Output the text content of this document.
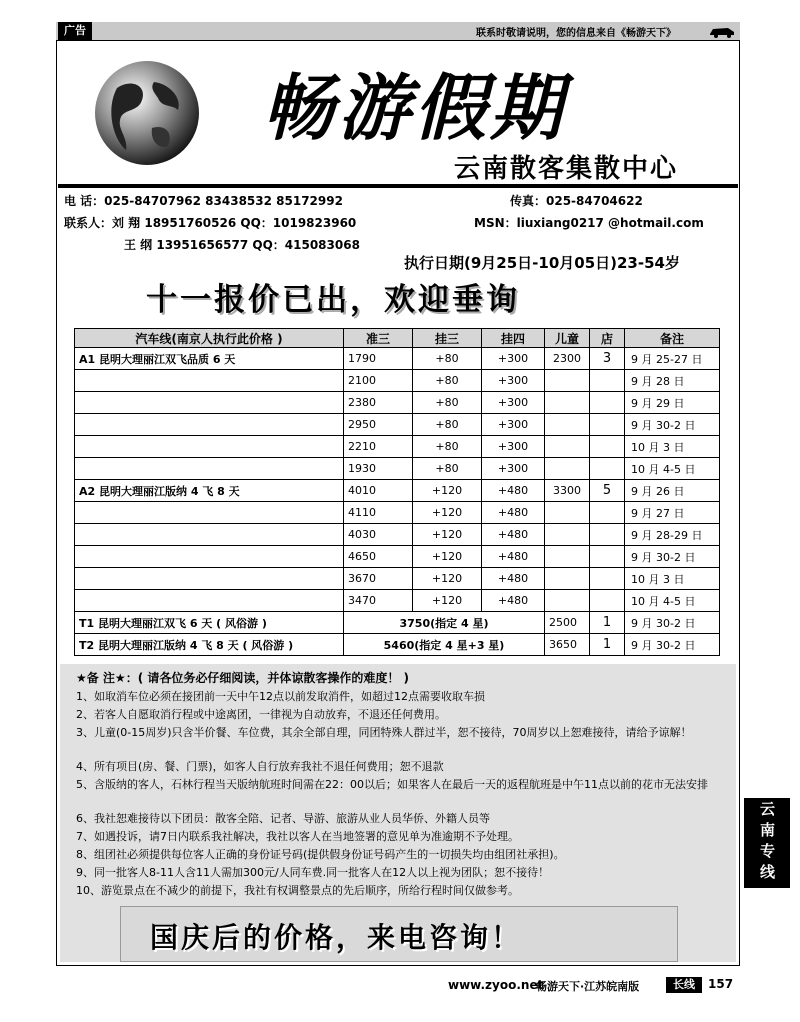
广告	联系时敬请说明，您的信息来自《畅游天下》
畅游假期
云南散客集散中心
电 话：025-84707962 83438532 85172992	传真：025-84704622
联系人：刘 翔 18951760526 QQ：1019823960	MSN：liuxiang0217 @hotmail.com
王 纲 13951656577 QQ：415083068
执行日期(9月25日-10月05日)23-54岁
十一报价已出，欢迎垂询
汽车线(南京人执行此价格 )	准三	挂三	挂四	儿童	店	备注
A1 昆明大理丽江双飞品质 6 天	1790	+80	+300	2300	3	9 月 25-27 日
	2100	+80	+300			9 月 28 日
	2380	+80	+300			9 月 29 日
	2950	+80	+300			9 月 30-2 日
	2210	+80	+300			10 月 3 日
	1930	+80	+300			10 月 4-5 日
A2 昆明大理丽江版纳 4 飞 8 天	4010	+120	+480	3300	5	9 月 26 日
	4110	+120	+480			9 月 27 日
	4030	+120	+480			9 月 28-29 日
	4650	+120	+480			9 月 30-2 日
	3670	+120	+480			10 月 3 日
	3470	+120	+480			10 月 4-5 日
T1 昆明大理丽江双飞 6 天 ( 风俗游 )	3750(指定 4 星)			2500	1	9 月 30-2 日
T2 昆明大理丽江版纳 4 飞 8 天 ( 风俗游 )	5460(指定 4 星+3 星)			3650	1	9 月 30-2 日
★备 注★：( 请各位务必仔细阅读，并体谅散客操作的难度！ )
1、如取消车位必须在接团前一天中午12点以前发取消件，如超过12点需要收取车损
2、若客人自愿取消行程或中途离团，一律视为自动放弃，不退还任何费用。
3、儿童(0-15周岁)只含半价餐、车位费，其余全部自理，同团特殊人群过半，恕不接待，70周岁以上恕难接待，请给予谅解！
4、所有项目(房、餐、门票)，如客人自行放弃我社不退任何费用；恕不退款
5、含版纳的客人，石林行程当天版纳航班时间需在22：00以后；如果客人在最后一天的返程航班是中午11点以前的花市无法安排
6、我社恕难接待以下团员：散客全陪、记者、导游、旅游从业人员华侨、外籍人员等
7、如遇投诉，请7日内联系我社解决，我社以客人在当地签署的意见单为准逾期不予处理。
8、组团社必须提供每位客人正确的身份证号码(提供假身份证号码产生的一切损失均由组团社承担)。
9、同一批客人8-11人含11人需加300元/人同车费.同一批客人在12人以上视为团队；恕不接待！
10、游览景点在不减少的前提下，我社有权调整景点的先后顺序，所给行程时间仅做参考。
国庆后的价格，来电咨询！
云南专线
www.zyoo.net
畅游天下·江苏皖南版	长线	157
